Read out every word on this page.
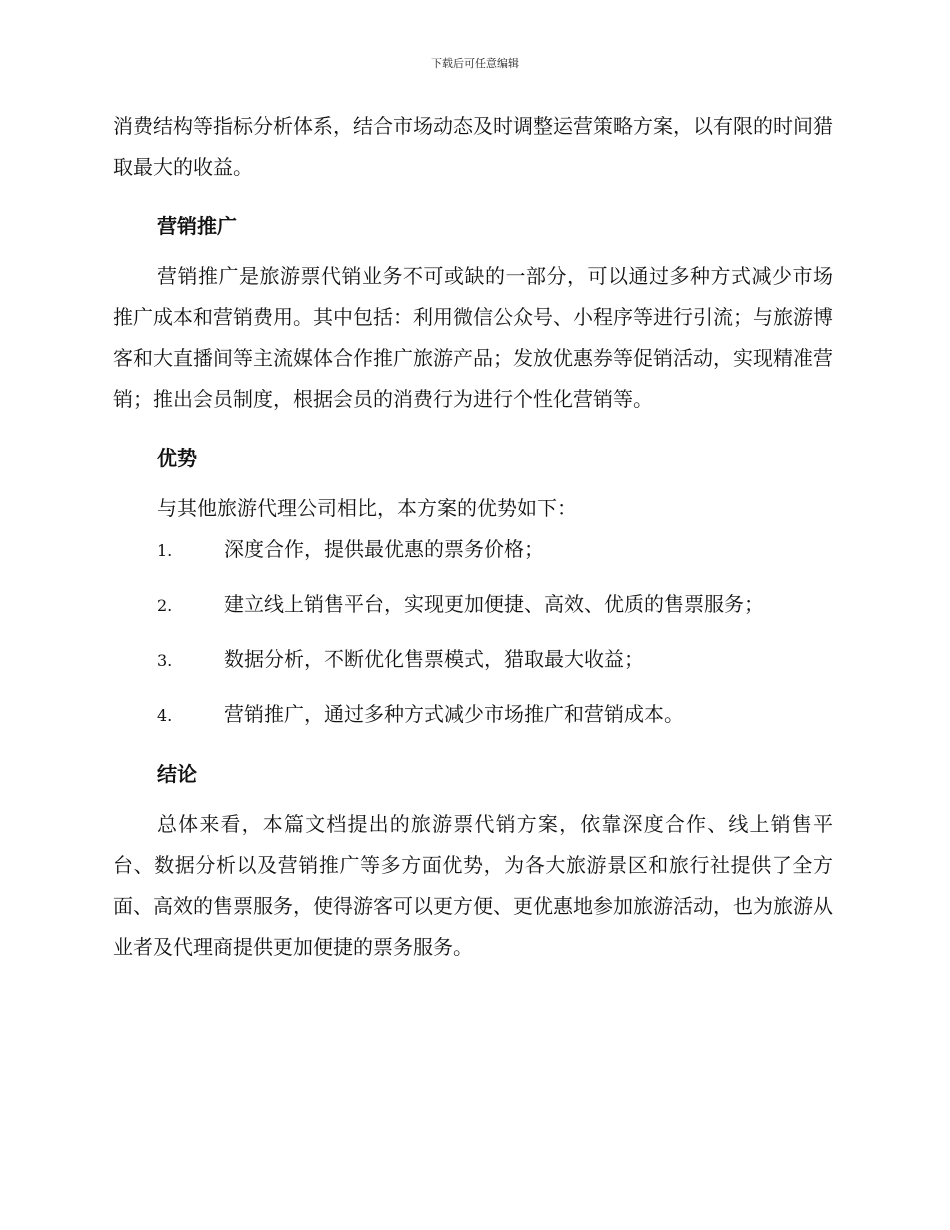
下载后可任意编辑

消费结构等指标分析体系，结合市场动态及时调整运营策略方案，以有限的时间猎取最大的收益。

营销推广

营销推广是旅游票代销业务不可或缺的一部分，可以通过多种方式减少市场推广成本和营销费用。其中包括：利用微信公众号、小程序等进行引流；与旅游博客和大直播间等主流媒体合作推广旅游产品；发放优惠券等促销活动，实现精准营销；推出会员制度，根据会员的消费行为进行个性化营销等。

优势

与其他旅游代理公司相比，本方案的优势如下：

1.	深度合作，提供最优惠的票务价格；
2.	建立线上销售平台，实现更加便捷、高效、优质的售票服务；
3.	数据分析，不断优化售票模式，猎取最大收益；
4.	营销推广，通过多种方式减少市场推广和营销成本。
结论

总体来看，本篇文档提出的旅游票代销方案，依靠深度合作、线上销售平台、数据分析以及营销推广等多方面优势，为各大旅游景区和旅行社提供了全方面、高效的售票服务，使得游客可以更方便、更优惠地参加旅游活动，也为旅游从业者及代理商提供更加便捷的票务服务。
